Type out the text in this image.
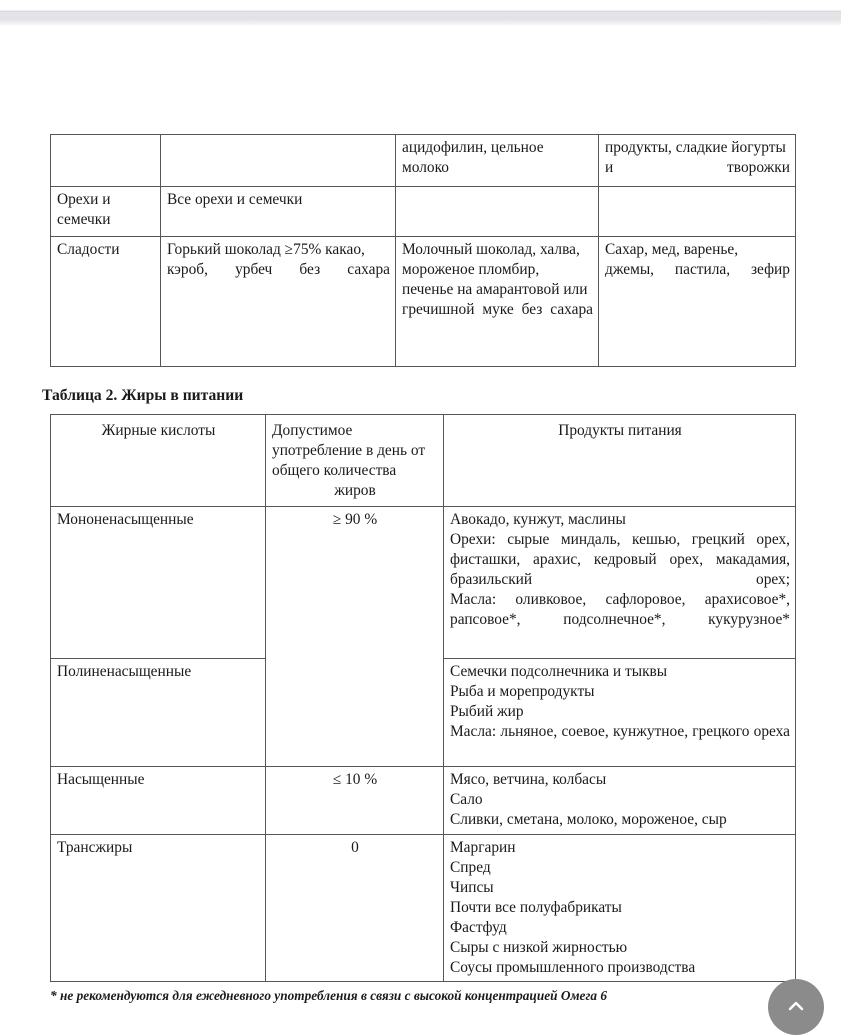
		ацидофилин, цельное молоко	продукты, сладкие йогурты и творожки
Орехи и семечки	Все орехи и семечки		
Сладости	Горький шоколад ≥75% какао, кэроб, урбеч без сахара	Молочный шоколад, халва, мороженое пломбир, печенье на амарантовой или гречишной муке без сахара	Сахар, мед, варенье, джемы, пастила, зефир
Таблица 2. Жиры в питании
Жирные кислоты	Допустимое употребление в день от общего количества жиров	Продукты питания
Мононенасыщенные	≥ 90 %	Авокадо, кунжут, маслины
Орехи: сырые миндаль, кешью, грецкий орех, фисташки, арахис, кедровый орех, макадамия, бразильский орех;
Масла: оливковое, сафлоровое, арахисовое*, рапсовое*, подсолнечное*, кукурузное*

Полиненасыщенные		Семечки подсолнечника и тыквы
Рыба и морепродукты
Рыбий жир
Масла: льняное, соевое, кунжутное, грецкого ореха

Насыщенные	≤ 10 %	Мясо, ветчина, колбасы
Сало
Сливки, сметана, молоко, мороженое, сыр

Трансжиры	0	Маргарин
Спред
Чипсы
Почти все полуфабрикаты
Фастфуд
Сыры с низкой жирностью
Соусы промышленного производства
* не рекомендуются для ежедневного употребления в связи с высокой концентрацией Омега 6
